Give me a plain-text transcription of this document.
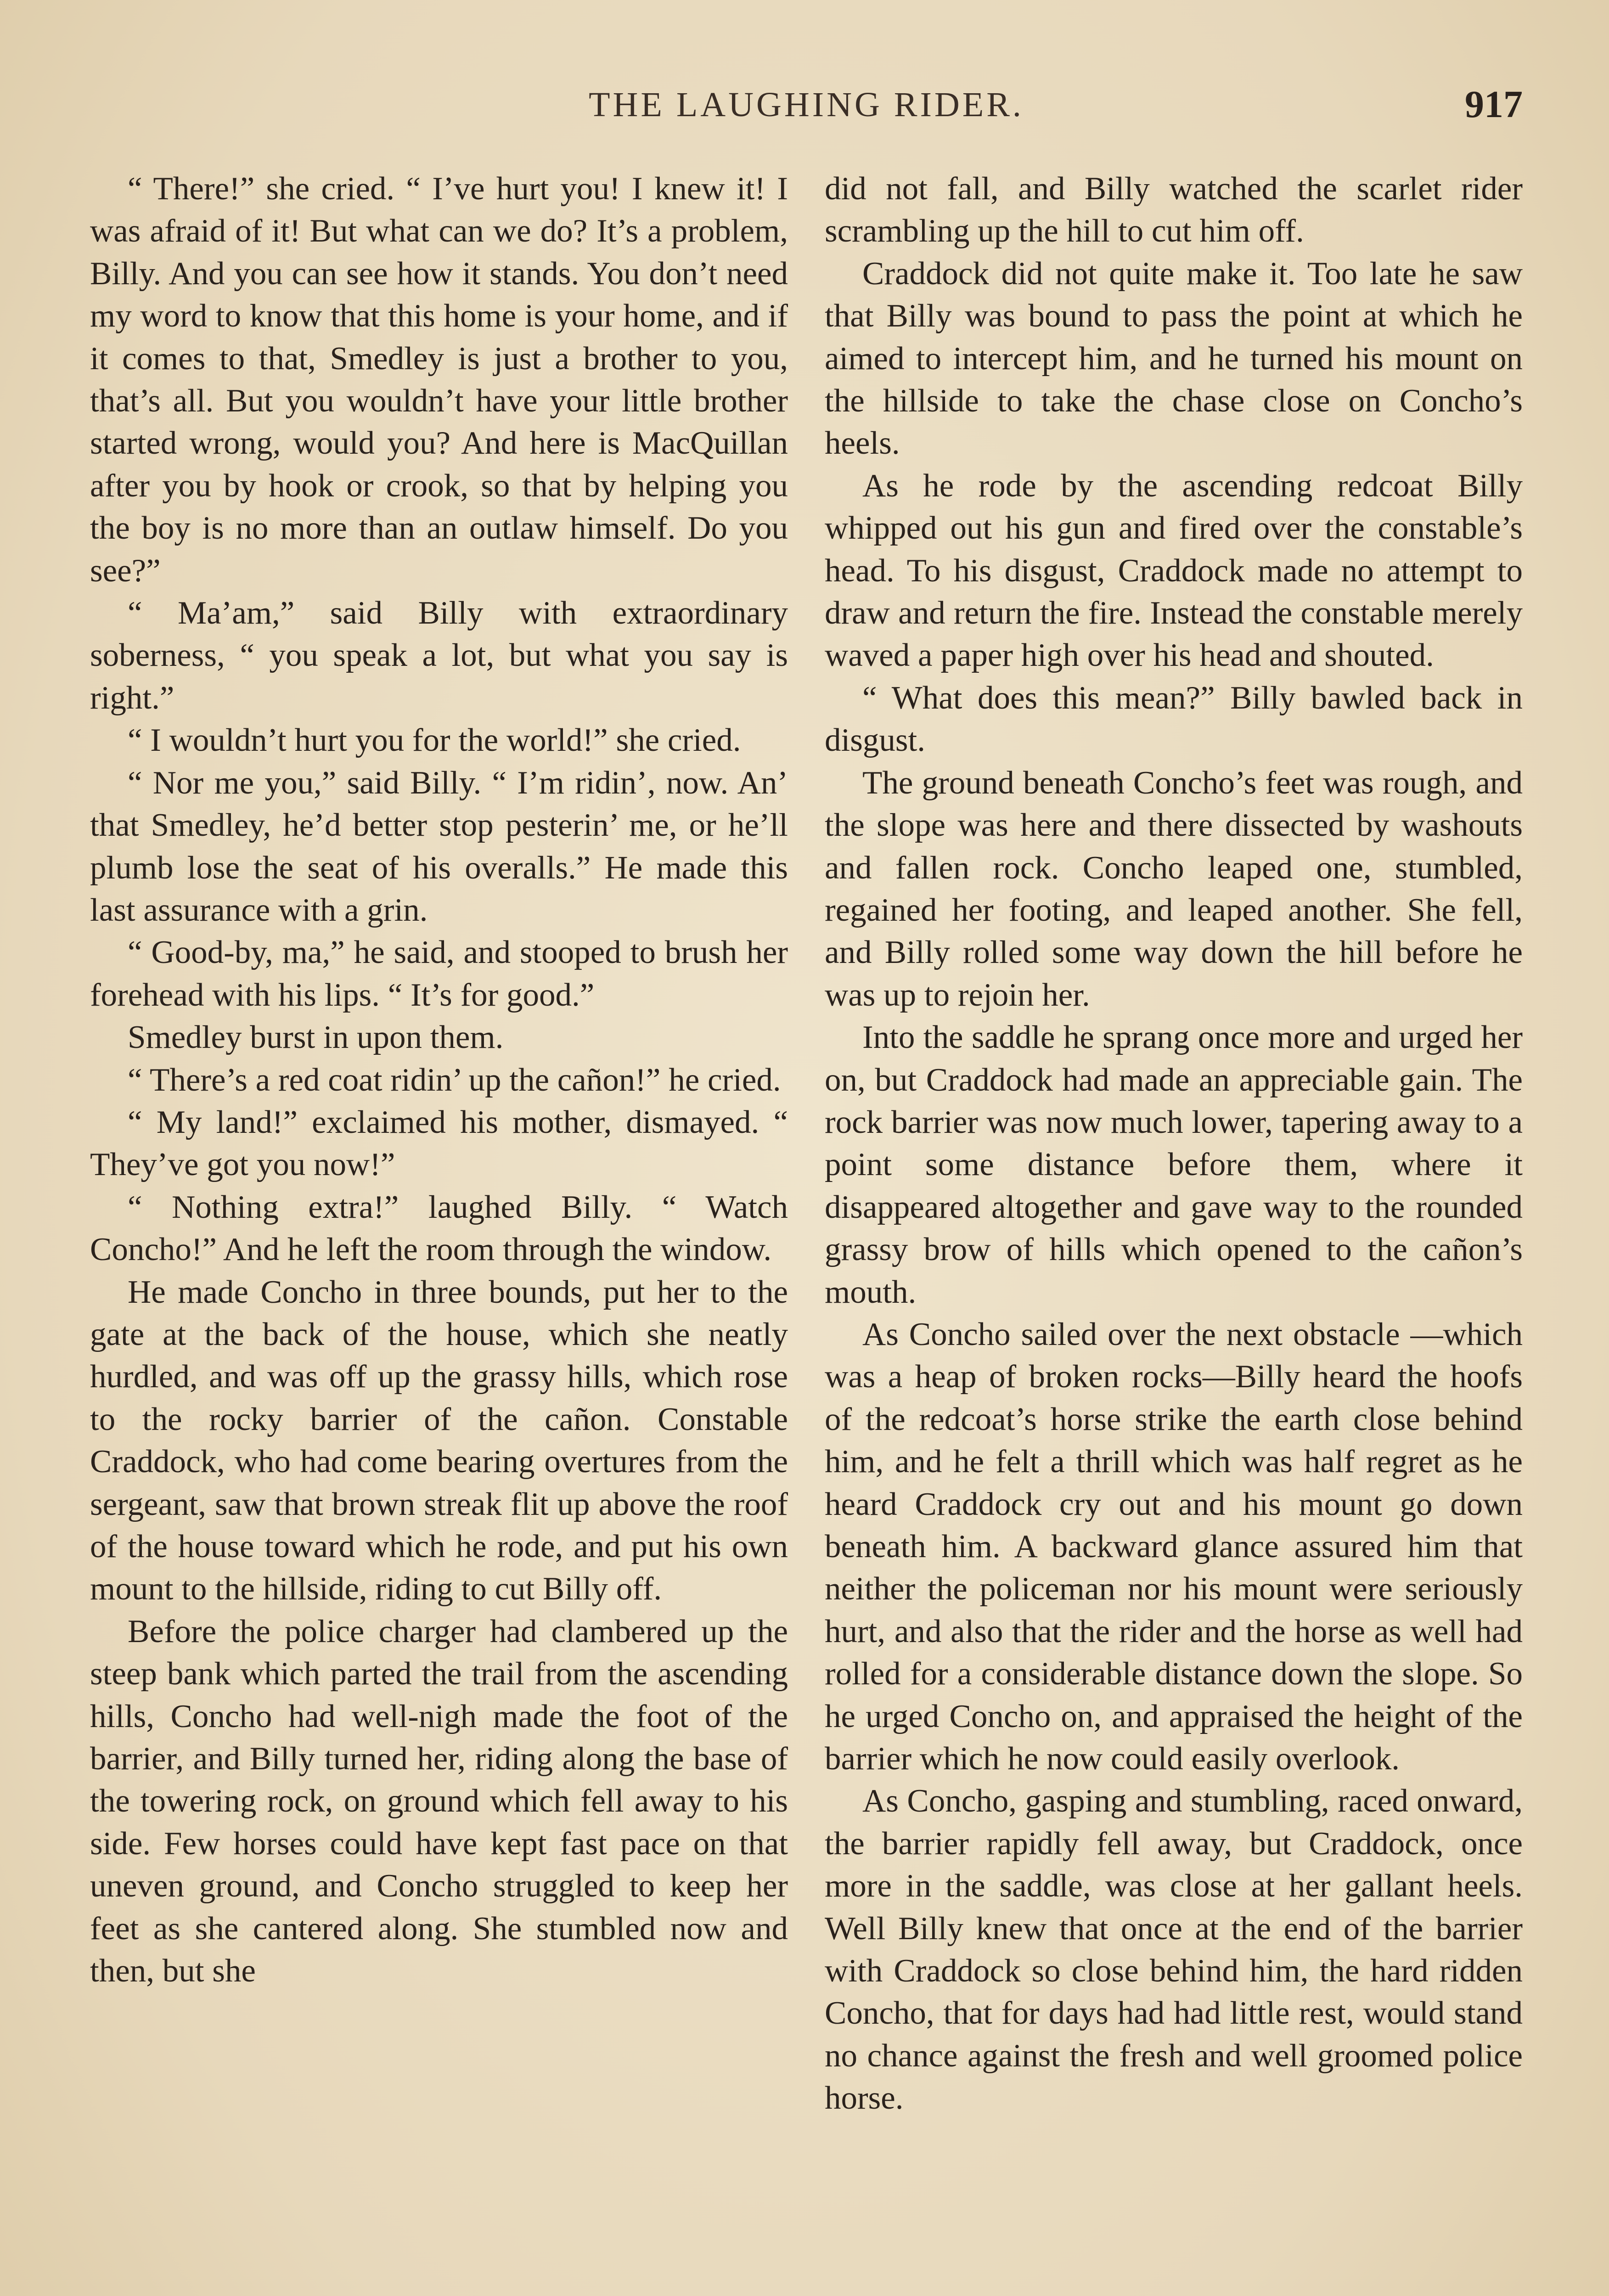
THE LAUGHING RIDER.	917

“ There!” she cried. “ I’ve hurt you! I knew it! I was afraid of it! But what can we do? It’s a problem, Billy. And you can see how it stands. You don’t need my word to know that this home is your home, and if it comes to that, Smedley is just a brother to you, that’s all. But you wouldn’t have your little brother started wrong, would you? And here is MacQuillan after you by hook or crook, so that by helping you the boy is no more than an outlaw himself. Do you see?”

“ Ma’am,” said Billy with extraordinary soberness, “ you speak a lot, but what you say is right.”

“ I wouldn’t hurt you for the world!” she cried.

“ Nor me you,” said Billy. “ I’m ridin’, now. An’ that Smedley, he’d better stop pesterin’ me, or he’ll plumb lose the seat of his overalls.” He made this last assurance with a grin.

“ Good-by, ma,” he said, and stooped to brush her forehead with his lips. “ It’s for good.”

Smedley burst in upon them.

“ There’s a red coat ridin’ up the cañon!” he cried.

“ My land!” exclaimed his mother, dismayed. “ They’ve got you now!”

“ Nothing extra!” laughed Billy. “ Watch Concho!” And he left the room through the window.

He made Concho in three bounds, put her to the gate at the back of the house, which she neatly hurdled, and was off up the grassy hills, which rose to the rocky barrier of the cañon. Constable Craddock, who had come bearing overtures from the sergeant, saw that brown streak flit up above the roof of the house toward which he rode, and put his own mount to the hillside, riding to cut Billy off.

Before the police charger had clambered up the steep bank which parted the trail from the ascending hills, Concho had well-nigh made the foot of the barrier, and Billy turned her, riding along the base of the towering rock, on ground which fell away to his side. Few horses could have kept fast pace on that uneven ground, and Concho struggled to keep her feet as she cantered along. She stumbled now and then, but she

did not fall, and Billy watched the scarlet rider scrambling up the hill to cut him off.

Craddock did not quite make it. Too late he saw that Billy was bound to pass the point at which he aimed to intercept him, and he turned his mount on the hillside to take the chase close on Concho’s heels.

As he rode by the ascending redcoat Billy whipped out his gun and fired over the constable’s head. To his disgust, Craddock made no attempt to draw and return the fire. Instead the constable merely waved a paper high over his head and shouted.

“ What does this mean?” Billy bawled back in disgust.

The ground beneath Concho’s feet was rough, and the slope was here and there dissected by washouts and fallen rock. Concho leaped one, stumbled, regained her footing, and leaped another. She fell, and Billy rolled some way down the hill before he was up to rejoin her.

Into the saddle he sprang once more and urged her on, but Craddock had made an appreciable gain. The rock barrier was now much lower, tapering away to a point some distance before them, where it disappeared altogether and gave way to the rounded grassy brow of hills which opened to the cañon’s mouth.

As Concho sailed over the next obstacle —which was a heap of broken rocks—Billy heard the hoofs of the redcoat’s horse strike the earth close behind him, and he felt a thrill which was half regret as he heard Craddock cry out and his mount go down beneath him. A backward glance assured him that neither the policeman nor his mount were seriously hurt, and also that the rider and the horse as well had rolled for a considerable distance down the slope. So he urged Concho on, and appraised the height of the barrier which he now could easily overlook.

As Concho, gasping and stumbling, raced onward, the barrier rapidly fell away, but Craddock, once more in the saddle, was close at her gallant heels. Well Billy knew that once at the end of the barrier with Craddock so close behind him, the hard ridden Concho, that for days had had little rest, would stand no chance against the fresh and well groomed police horse.
